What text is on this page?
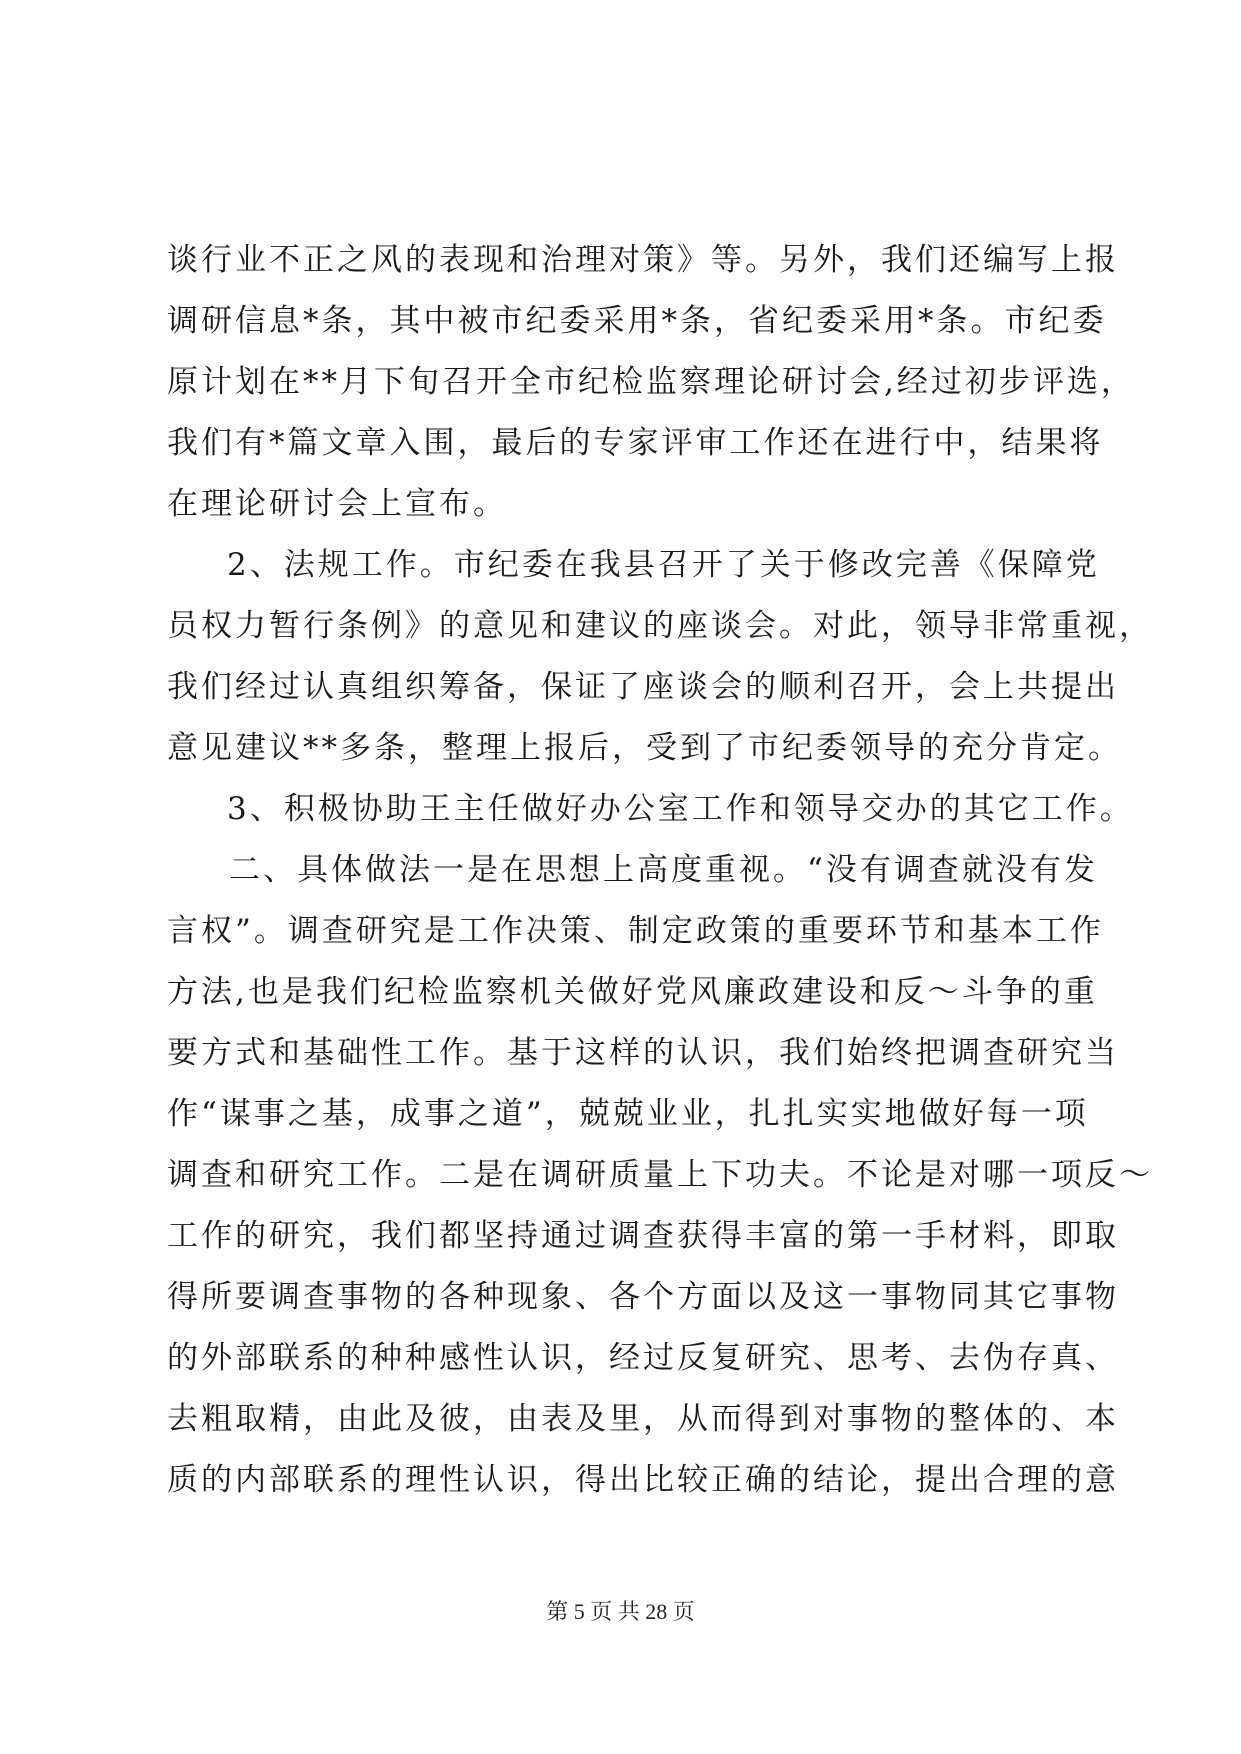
谈行业不正之风的表现和治理对策》等。另外，我们还编写上报
调研信息*条，其中被市纪委采用*条，省纪委采用*条。市纪委
原计划在**月下旬召开全市纪检监察理论研讨会,经过初步评选，
我们有*篇文章入围，最后的专家评审工作还在进行中，结果将
在理论研讨会上宣布。
2、法规工作。市纪委在我县召开了关于修改完善《保障党
员权力暂行条例》的意见和建议的座谈会。对此，领导非常重视，
我们经过认真组织筹备，保证了座谈会的顺利召开，会上共提出
意见建议**多条，整理上报后，受到了市纪委领导的充分肯定。
3、积极协助王主任做好办公室工作和领导交办的其它工作。
二、具体做法一是在思想上高度重视。“没有调查就没有发
言权”。调查研究是工作决策、制定政策的重要环节和基本工作
方法,也是我们纪检监察机关做好党风廉政建设和反～斗争的重
要方式和基础性工作。基于这样的认识，我们始终把调查研究当
作“谋事之基，成事之道”，兢兢业业，扎扎实实地做好每一项
调查和研究工作。二是在调研质量上下功夫。不论是对哪一项反～
工作的研究，我们都坚持通过调查获得丰富的第一手材料，即取
得所要调查事物的各种现象、各个方面以及这一事物同其它事物
的外部联系的种种感性认识，经过反复研究、思考、去伪存真、
去粗取精，由此及彼，由表及里，从而得到对事物的整体的、本
质的内部联系的理性认识，得出比较正确的结论，提出合理的意
第 5 页 共 28 页
